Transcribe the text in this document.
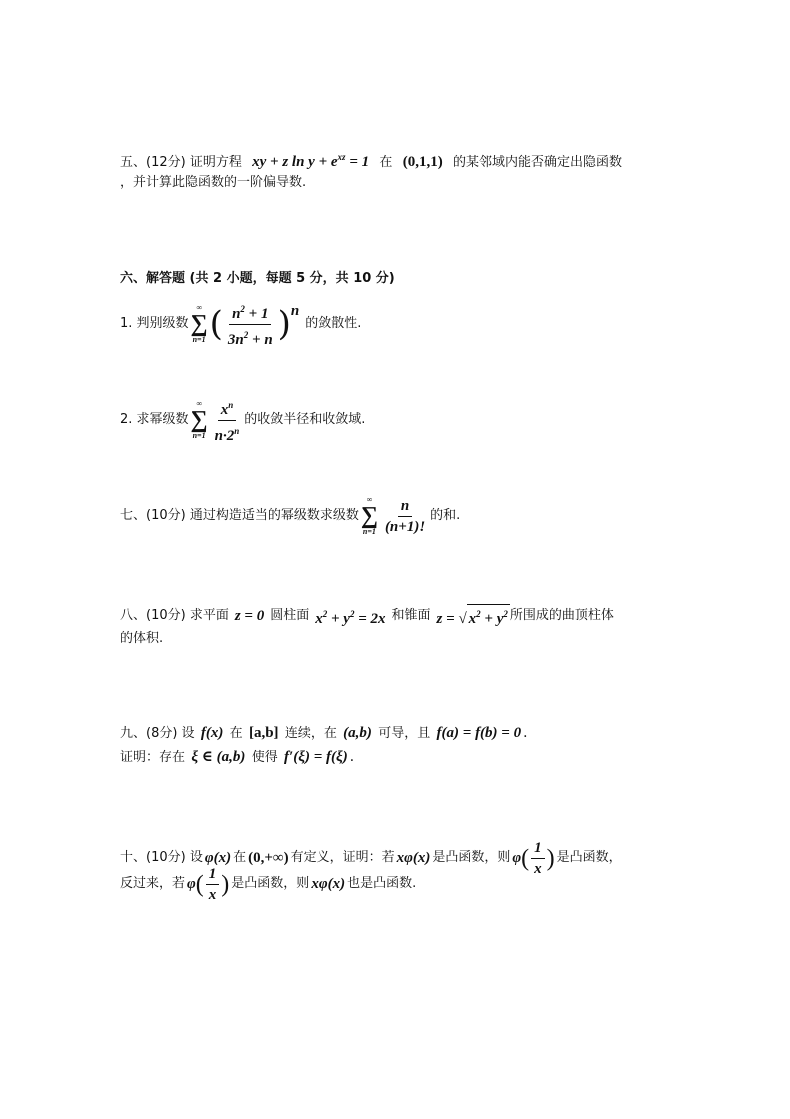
五、(12分) 证明方程 xy + z $\ln y + e^{xz} = 1$ 在 (0,1,1) 的某邻域内能否确定出隐函数
，并计算此隐函数的一阶偏导数.
六、解答题 (共 2 小题，每题 5 分，共 10 分)
1. 判别级数
∞
∑
n=1 ( $\frac{n^2 + 1}{3n^2 + n}$ ) n
的敛散性.
2. 求幂级数
∞
∑
$n=1 \frac{x^n}{n\cdot 2^n}$ 的收敛半径和收敛域.
七、(10分) 通过构造适当的幂级数求级数
∞
∑
$n=1 \frac{n}{(n+1)!}$ 的和.
八、(10分) 求平面 z = 0 圆柱面 $x^2 + y^2 = 2x$ 和锥面 z = √ $x^2 + y^2$ 所围成的曲顶柱体
的体积.
九、(8分) 设 f(x) 在 [a,b] 连续，在 (a,b) 可导，且 f(a) = f(b) = 0 .
证明：存在 ξ ∈ (a,b) 使得 f′(ξ) = f(ξ) .
十、(10分) 设 φ(x) 在 (0,+∞) 有定义，证明：若 xφ(x) 是凸函数，则 $\varphi( \frac{1}{x}$ ) 是凸函数，
反过来，若 $\varphi( \frac{1}{x}$ ) 是凸函数，则 xφ(x) 也是凸函数.
